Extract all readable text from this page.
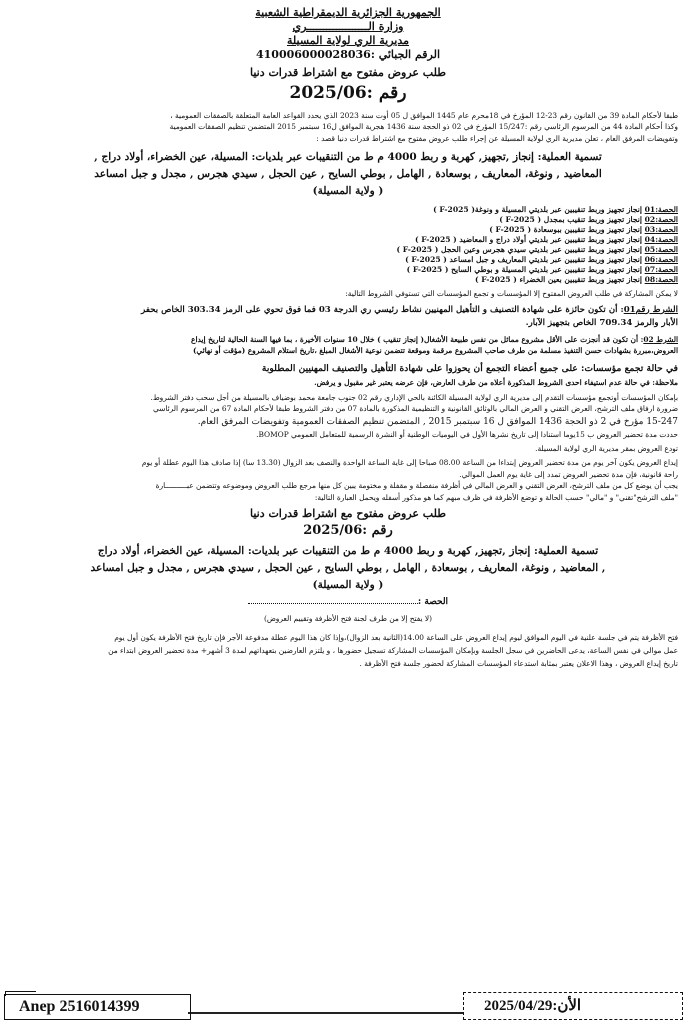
الجمهورية الجزائرية الديمقراطية الشعبية
وزارة الـــــــــــــــــــري
مديرية الري لولاية المسيلة
الرقم الجبائي :410006000028036
طلب عروض مفتوح مع اشتراط قدرات دنيا
رقم :2025/06

طبقا لأحكام المادة 39 من القانون رقم 23-12 المؤرخ في 18محرم عام 1445 الموافق ل 05 أوت سنة 2023 الذي يحدد القواعد العامة المتعلقة بالصفقات العمومية ،

وكذا أحكام المادة 44 من المرسوم الرئاسي رقم :15/247 المؤرخ في 02 ذو الحجة سنة 1436 هجرية الموافق ل16 سبتمبر 2015 المتضمن تنظيم الصفقات العمومية

وتفويضات المرفق العام ، تعلن مديرية الري لولاية المسيلة عن إجراء طلب عروض مفتوح مع اشتراط قدرات دنيا قصد :

تسمية العملية: إنجاز ,تجهيز, كهربة و ربط 4000 م ط من التنقيبات عبر بلديات: المسيلة، عين الخضراء، أولاد دراج ,
المعاضيد , ونوغة، المعاريف , بوسعادة , الهامل , بوطي السايح , عين الحجل , سيدي هجرس , مجدل و جبل امساعد
( ولاية المسيلة)
الحصة:01 إنجاز تجهيز وربط تنقيبين عبر بلديتي المسيلة و ونوغة( F-2025 )
الحصة:02 إنجاز تجهيز وربط تنقيب بمجدل ( F-2025 )
الحصة:03 إنجاز تجهيز وربط تنقيبين ببوسعادة ( F-2025 )
الحصة:04 إنجاز تجهيز وربط تنقيبين عبر بلديتي أولاد دراج و المعاضيد ( F-2025 )
الحصة:05 إنجاز تجهيز وربط تنقيبين عبر بلديتي سيدي هجرس وعين الحجل ( F-2025 )
الحصة:06 إنجاز تجهيز وربط تنقيبين عبر بلديتي المعاريف و جبل امساعد ( F-2025 )
الحصة:07 إنجاز تجهيز وربط تنقيبين عبر بلديتي المسيلة و بوطي السايح ( F-2025 )
الحصة:08 إنجاز تجهيز وربط تنقيبين بعين الخضراء ( F-2025 )

لا يمكن المشاركة في طلب العروض المفتوح إلا المؤسسات و تجمع المؤسسات التي تستوفي الشروط التالية:

الشرط رقم01: أن تكون حائزة على شهادة التصنيف و التأهيل المهنيين نشاط رئيسي ري الدرجة 03 فما فوق تحوي على الرمز 303.34 الخاص بحفر
الأبار والرمز 709.34 الخاص بتجهيز الآبار.
الشرط 02: أن تكون قد أنجزت على الأقل مشروع مماثل من نفس طبيعة الأشغال( إنجاز تنقيب ) خلال 10 سنوات الأخيرة ، بما فيها السنة الحالية لتاريخ إيداع
العروض،مبررة بشهادات حسن التنفيذ مسلمة من طرف صاحب المشروع مرقمة وموقعة تتضمن نوعية الأشغال المبلغ ،تاريخ استلام المشروع (مؤقت أو نهائي)
في حالة تجمع مؤسسات: على جميع أعضاء التجمع أن يحوزوا على شهادة التأهيل والتصنيف المهنيين المطلوبة

ملاحظة: في حالة عدم استيفاء احدى الشروط المذكورة أعلاه من طرف العارض، فإن عرضه يعتبر غير مقبول و يرفض.

بإمكان المؤسسات أوتجمع مؤسسات التقدم إلى مديرية الري لولاية المسيلة الكائنة بالحي الإداري رقم 02 جنوب جامعة محمد بوضياف بالمسيلة من أجل سحب دفتر الشروط.

ضرورة ارفاق ملف الترشح، العرض التقني و العرض المالي بالوثائق القانونية و التنظيمية المذكورة بالمادة 07 من دفتر الشروط طبقا لأحكام المادة 67 من المرسوم الرئاسي

15-247 مؤرخ في 2 ذو الحجة 1436 الموافق ل 16 سبتمبر 2015 , المتضمن تنظيم الصفقات العمومية وتفويضات المرفق العام.

حددت مدة تحضير العروض ب 15يوما استنادا إلى تاريخ نشرها الأول في اليوميات الوطنية أو النشرة الرسمية للمتعامل العمومي BOMOP.

تودع العروض بمقر مديرية الري لولاية المسيلة.

إيداع العروض يكون آخر يوم من مدة تحضير العروض إبتداءا من الساعة 08.00 صباحا إلى غاية الساعة الواحدة والنصف بعد الزوال (13.30 سا) إذا صادف هذا اليوم عطلة أو يوم

راحة قانونية، فإن مدة تحضير العروض تمدد إلى غاية يوم العمل الموالي.

يجب أن يوضع كل من ملف الترشح، العرض التقني و العرض المالي في أظرفة منفصلة و مقفلة و مختومة يبين كل منها مرجع طلب العروض وموضوعه وتتضمن عبــــــــــارة

"ملف الترشح"تقني" و "مالي" حسب الحالة و توضع الأظرفة في ظرف مبهم كما هو مذكور أسفله ويحمل العبارة التالية:

طلب عروض مفتوح مع اشتراط قدرات دنيا
رقم :2025/06
تسمية العملية: إنجاز ,تجهيز, كهربة و ربط 4000 م ط من التنقيبات عبر بلديات: المسيلة، عين الخضراء، أولاد دراج
, المعاضيد , ونوغة، المعاريف , بوسعادة , الهامل , بوطي السايح , عين الحجل , سيدي هجرس , مجدل و جبل امساعد
( ولاية المسيلة)
الحصة :
(لا يفتح إلا من طرف لجنة فتح الأظرفة وتقييم العروض)

فتح الأظرفة يتم في جلسة علنية في اليوم الموافق ليوم إيداع العروض على الساعة 14.00(الثانية بعد الزوال)،وإذا كان هذا اليوم عطلة مدفوعة الأجر فإن تاريخ فتح الأظرفة يكون أول يوم

عمل موالي في نفس الساعة، يدعى الحاضرين في سجل الجلسة وبإمكان المؤسسات المشاركة تسجيل حضورها ، و يلتزم العارضين بتعهداتهم لمدة 3 أشهر+ مدة تحضير العروض ابتداء من

تاريخ إيداع العروض ، وهذا الاعلان يعتبر بمثابة استدعاء المؤسسات المشاركة لحضور جلسة فتح الأظرفة .

Anep 2516014399	الأن:2025/04/29
